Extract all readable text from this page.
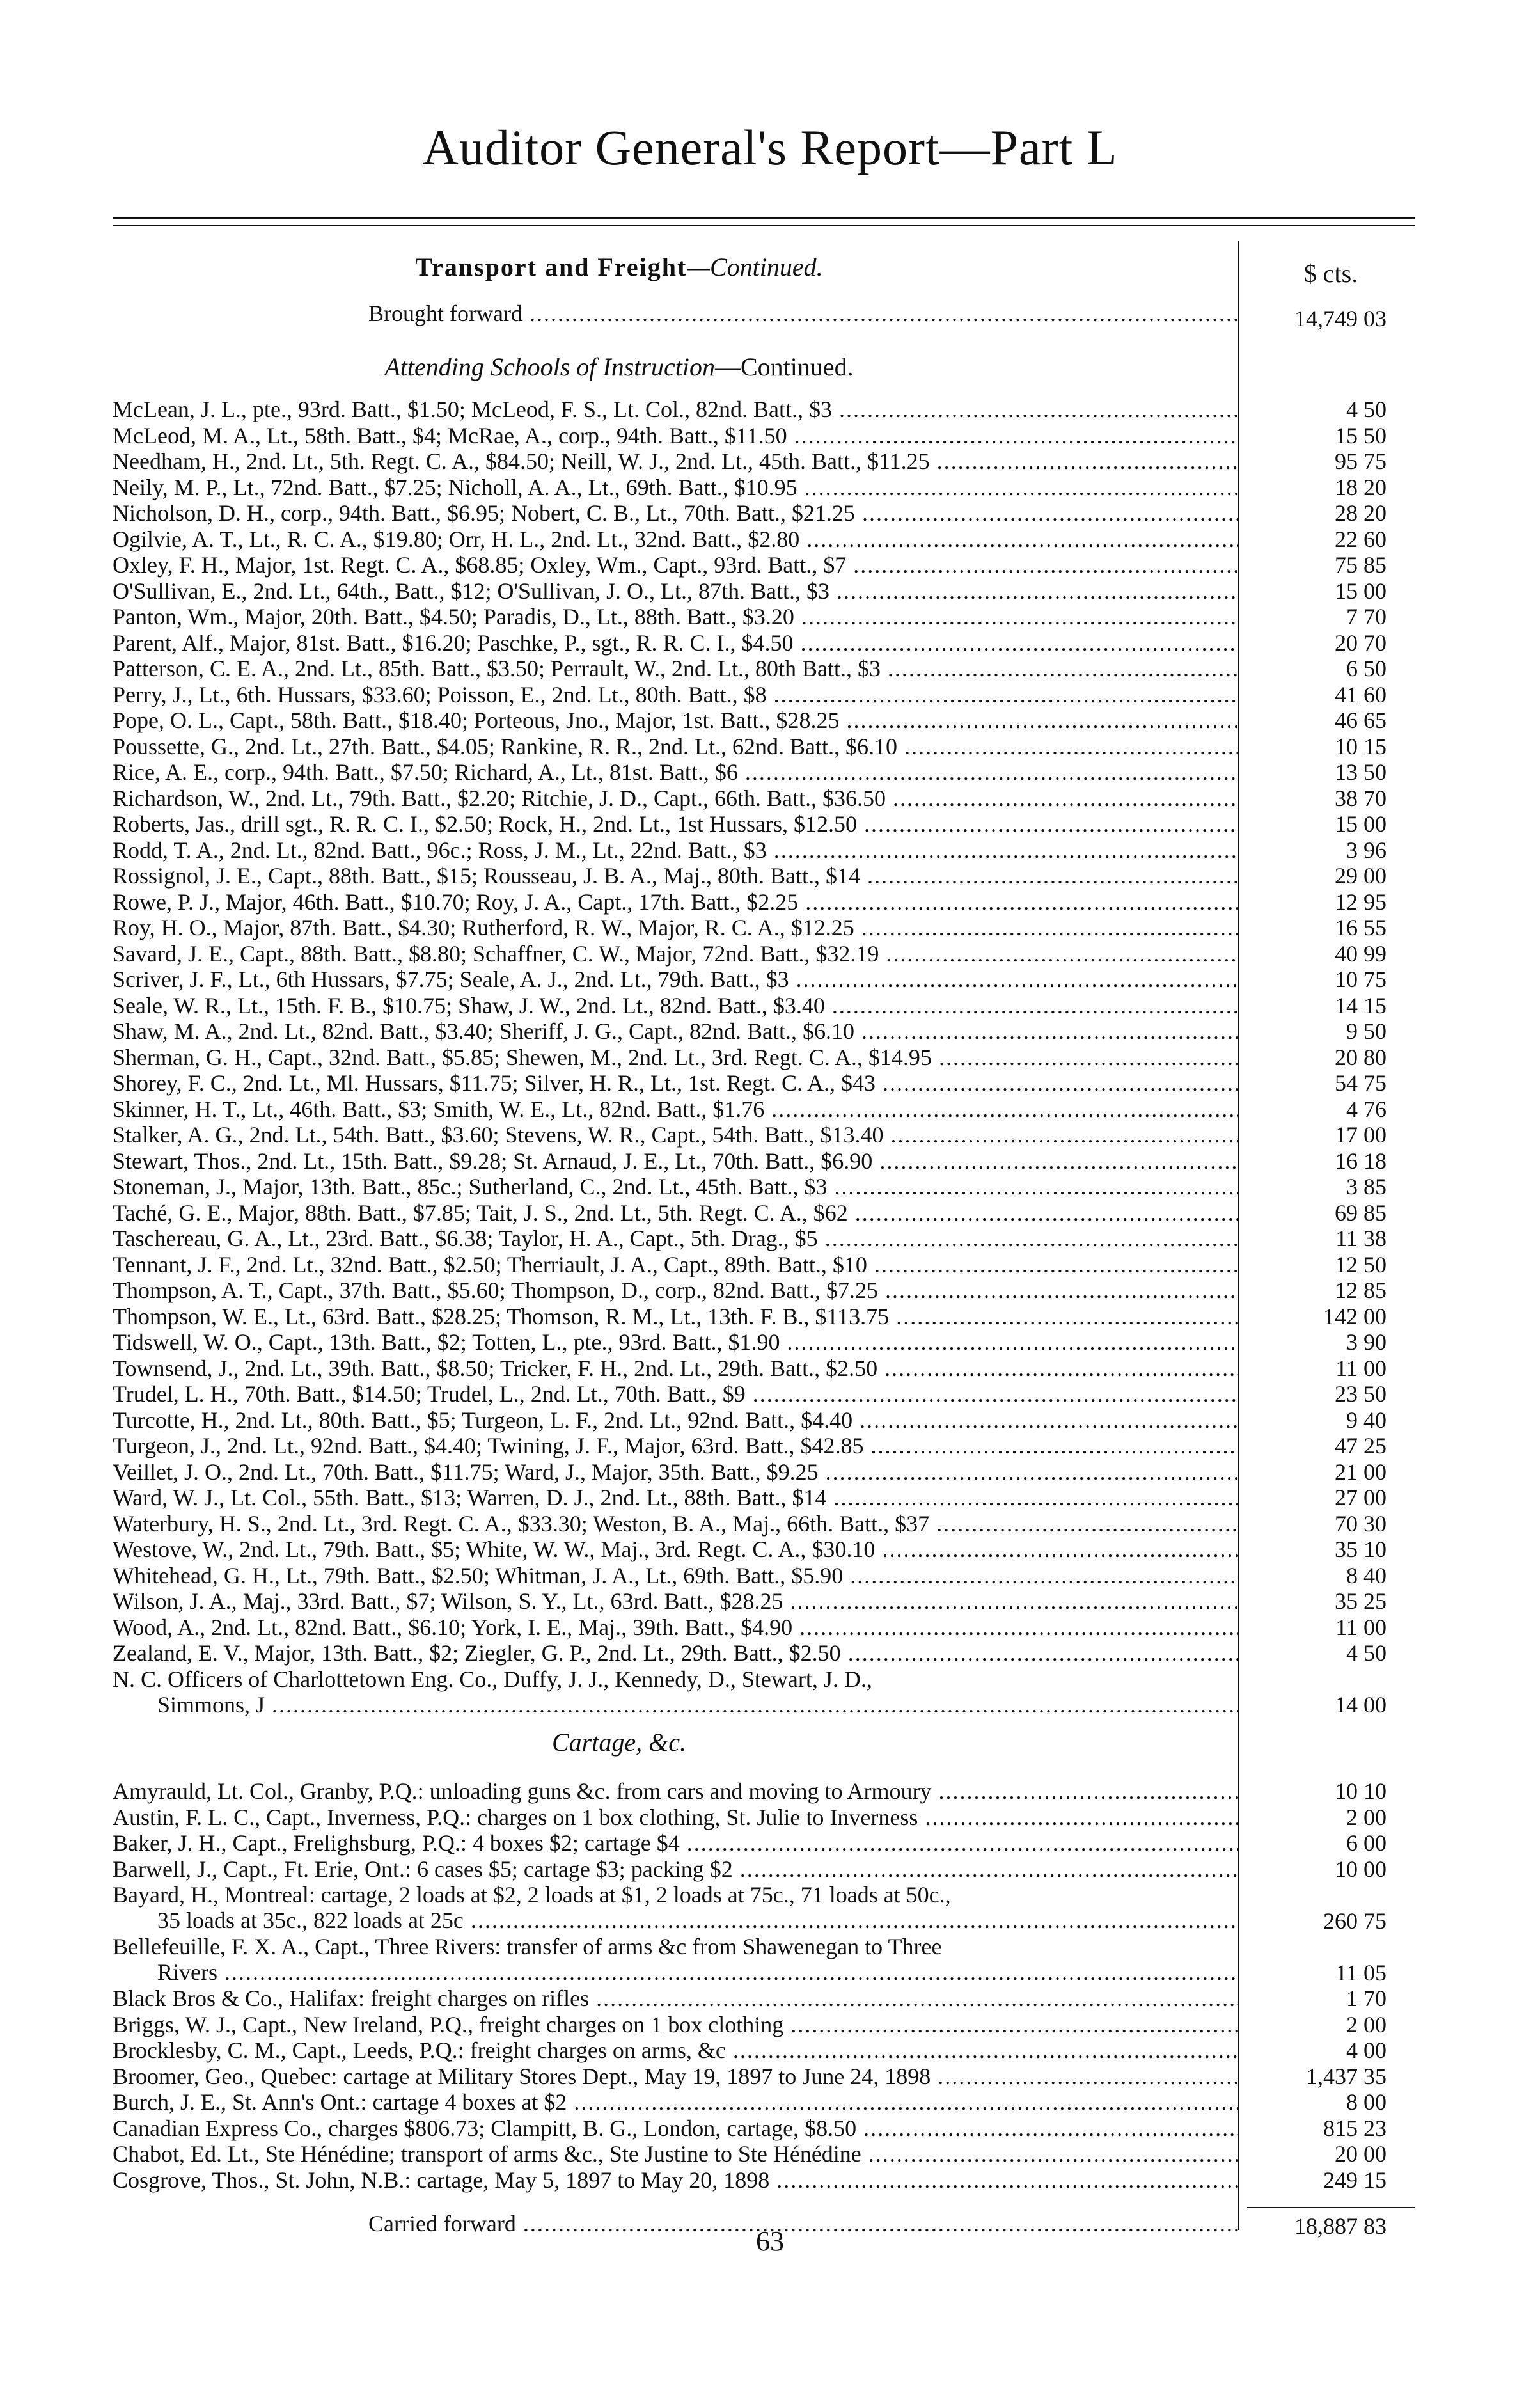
Auditor General's Report—Part L
Transport and Freight—Continued.	$ cts.
Brought forward .....	14,749 03
Attending Schools of Instruction—Continued.
McLean, J. L., pte., 93rd. Batt., $1.50; McLeod, F. S., Lt. Col., 82nd. Batt., $3 .....	4 50
McLeod, M. A., Lt., 58th. Batt., $4; McRae, A., corp., 94th. Batt., $11.50 .....	15 50
Needham, H., 2nd. Lt., 5th. Regt. C. A., $84.50; Neill, W. J., 2nd. Lt., 45th. Batt., $11.25 .....	95 75
Neily, M. P., Lt., 72nd. Batt., $7.25; Nicholl, A. A., Lt., 69th. Batt., $10.95 .....	18 20
Nicholson, D. H., corp., 94th. Batt., $6.95; Nobert, C. B., Lt., 70th. Batt., $21.25 .....	28 20
Ogilvie, A. T., Lt., R. C. A., $19.80; Orr, H. L., 2nd. Lt., 32nd. Batt., $2.80 .....	22 60
Oxley, F. H., Major, 1st. Regt. C. A., $68.85; Oxley, Wm., Capt., 93rd. Batt., $7 .....	75 85
O'Sullivan, E., 2nd. Lt., 64th., Batt., $12; O'Sullivan, J. O., Lt., 87th. Batt., $3 .....	15 00
Panton, Wm., Major, 20th. Batt., $4.50; Paradis, D., Lt., 88th. Batt., $3.20 .....	7 70
Parent, Alf., Major, 81st. Batt., $16.20; Paschke, P., sgt., R. R. C. I., $4.50 .....	20 70
Patterson, C. E. A., 2nd. Lt., 85th. Batt., $3.50; Perrault, W., 2nd. Lt., 80th Batt., $3 .....	6 50
Perry, J., Lt., 6th. Hussars, $33.60; Poisson, E., 2nd. Lt., 80th. Batt., $8 .....	41 60
Pope, O. L., Capt., 58th. Batt., $18.40; Porteous, Jno., Major, 1st. Batt., $28.25 .....	46 65
Poussette, G., 2nd. Lt., 27th. Batt., $4.05; Rankine, R. R., 2nd. Lt., 62nd. Batt., $6.10 .....	10 15
Rice, A. E., corp., 94th. Batt., $7.50; Richard, A., Lt., 81st. Batt., $6 .....	13 50
Richardson, W., 2nd. Lt., 79th. Batt., $2.20; Ritchie, J. D., Capt., 66th. Batt., $36.50 .....	38 70
Roberts, Jas., drill sgt., R. R. C. I., $2.50; Rock, H., 2nd. Lt., 1st Hussars, $12.50 .....	15 00
Rodd, T. A., 2nd. Lt., 82nd. Batt., 96c.; Ross, J. M., Lt., 22nd. Batt., $3 .....	3 96
Rossignol, J. E., Capt., 88th. Batt., $15; Rousseau, J. B. A., Maj., 80th. Batt., $14 .....	29 00
Rowe, P. J., Major, 46th. Batt., $10.70; Roy, J. A., Capt., 17th. Batt., $2.25 .....	12 95
Roy, H. O., Major, 87th. Batt., $4.30; Rutherford, R. W., Major, R. C. A., $12.25 .....	16 55
Savard, J. E., Capt., 88th. Batt., $8.80; Schaffner, C. W., Major, 72nd. Batt., $32.19 .....	40 99
Scriver, J. F., Lt., 6th Hussars, $7.75; Seale, A. J., 2nd. Lt., 79th. Batt., $3 .....	10 75
Seale, W. R., Lt., 15th. F. B., $10.75; Shaw, J. W., 2nd. Lt., 82nd. Batt., $3.40 .....	14 15
Shaw, M. A., 2nd. Lt., 82nd. Batt., $3.40; Sheriff, J. G., Capt., 82nd. Batt., $6.10 .....	9 50
Sherman, G. H., Capt., 32nd. Batt., $5.85; Shewen, M., 2nd. Lt., 3rd. Regt. C. A., $14.95 .....	20 80
Shorey, F. C., 2nd. Lt., Ml. Hussars, $11.75; Silver, H. R., Lt., 1st. Regt. C. A., $43 .....	54 75
Skinner, H. T., Lt., 46th. Batt., $3; Smith, W. E., Lt., 82nd. Batt., $1.76 .....	4 76
Stalker, A. G., 2nd. Lt., 54th. Batt., $3.60; Stevens, W. R., Capt., 54th. Batt., $13.40 .....	17 00
Stewart, Thos., 2nd. Lt., 15th. Batt., $9.28; St. Arnaud, J. E., Lt., 70th. Batt., $6.90 .....	16 18
Stoneman, J., Major, 13th. Batt., 85c.; Sutherland, C., 2nd. Lt., 45th. Batt., $3 .....	3 85
Taché, G. E., Major, 88th. Batt., $7.85; Tait, J. S., 2nd. Lt., 5th. Regt. C. A., $62 .....	69 85
Taschereau, G. A., Lt., 23rd. Batt., $6.38; Taylor, H. A., Capt., 5th. Drag., $5 .....	11 38
Tennant, J. F., 2nd. Lt., 32nd. Batt., $2.50; Therriault, J. A., Capt., 89th. Batt., $10 .....	12 50
Thompson, A. T., Capt., 37th. Batt., $5.60; Thompson, D., corp., 82nd. Batt., $7.25 .....	12 85
Thompson, W. E., Lt., 63rd. Batt., $28.25; Thomson, R. M., Lt., 13th. F. B., $113.75 .....	142 00
Tidswell, W. O., Capt., 13th. Batt., $2; Totten, L., pte., 93rd. Batt., $1.90 .....	3 90
Townsend, J., 2nd. Lt., 39th. Batt., $8.50; Tricker, F. H., 2nd. Lt., 29th. Batt., $2.50 .....	11 00
Trudel, L. H., 70th. Batt., $14.50; Trudel, L., 2nd. Lt., 70th. Batt., $9 .....	23 50
Turcotte, H., 2nd. Lt., 80th. Batt., $5; Turgeon, L. F., 2nd. Lt., 92nd. Batt., $4.40 .....	9 40
Turgeon, J., 2nd. Lt., 92nd. Batt., $4.40; Twining, J. F., Major, 63rd. Batt., $42.85 .....	47 25
Veillet, J. O., 2nd. Lt., 70th. Batt., $11.75; Ward, J., Major, 35th. Batt., $9.25 .....	21 00
Ward, W. J., Lt. Col., 55th. Batt., $13; Warren, D. J., 2nd. Lt., 88th. Batt., $14 .....	27 00
Waterbury, H. S., 2nd. Lt., 3rd. Regt. C. A., $33.30; Weston, B. A., Maj., 66th. Batt., $37 .....	70 30
Westove, W., 2nd. Lt., 79th. Batt., $5; White, W. W., Maj., 3rd. Regt. C. A., $30.10 .....	35 10
Whitehead, G. H., Lt., 79th. Batt., $2.50; Whitman, J. A., Lt., 69th. Batt., $5.90 .....	8 40
Wilson, J. A., Maj., 33rd. Batt., $7; Wilson, S. Y., Lt., 63rd. Batt., $28.25 .....	35 25
Wood, A., 2nd. Lt., 82nd. Batt., $6.10; York, I. E., Maj., 39th. Batt., $4.90 .....	11 00
Zealand, E. V., Major, 13th. Batt., $2; Ziegler, G. P., 2nd. Lt., 29th. Batt., $2.50 .....	4 50
N. C. Officers of Charlottetown Eng. Co., Duffy, J. J., Kennedy, D., Stewart, J. D.,
Simmons, J .....	14 00
Cartage, &c.
Amyrauld, Lt. Col., Granby, P.Q.: unloading guns &c. from cars and moving to Armoury .....	10 10
Austin, F. L. C., Capt., Inverness, P.Q.: charges on 1 box clothing, St. Julie to Inverness .....	2 00
Baker, J. H., Capt., Frelighsburg, P.Q.: 4 boxes $2; cartage $4 .....	6 00
Barwell, J., Capt., Ft. Erie, Ont.: 6 cases $5; cartage $3; packing $2 .....	10 00
Bayard, H., Montreal: cartage, 2 loads at $2, 2 loads at $1, 2 loads at 75c., 71 loads at 50c.,
35 loads at 35c., 822 loads at 25c .....	260 75
Bellefeuille, F. X. A., Capt., Three Rivers: transfer of arms &c from Shawenegan to Three
Rivers .....	11 05
Black Bros & Co., Halifax: freight charges on rifles .....	1 70
Briggs, W. J., Capt., New Ireland, P.Q., freight charges on 1 box clothing .....	2 00
Brocklesby, C. M., Capt., Leeds, P.Q.: freight charges on arms, &c .....	4 00
Broomer, Geo., Quebec: cartage at Military Stores Dept., May 19, 1897 to June 24, 1898 .....	1,437 35
Burch, J. E., St. Ann's Ont.: cartage 4 boxes at $2 .....	8 00
Canadian Express Co., charges $806.73; Clampitt, B. G., London, cartage, $8.50 .....	815 23
Chabot, Ed. Lt., Ste Hénédine; transport of arms &c., Ste Justine to Ste Hénédine .....	20 00
Cosgrove, Thos., St. John, N.B.: cartage, May 5, 1897 to May 20, 1898 .....	249 15
Carried forward .....	18,887 83
63
